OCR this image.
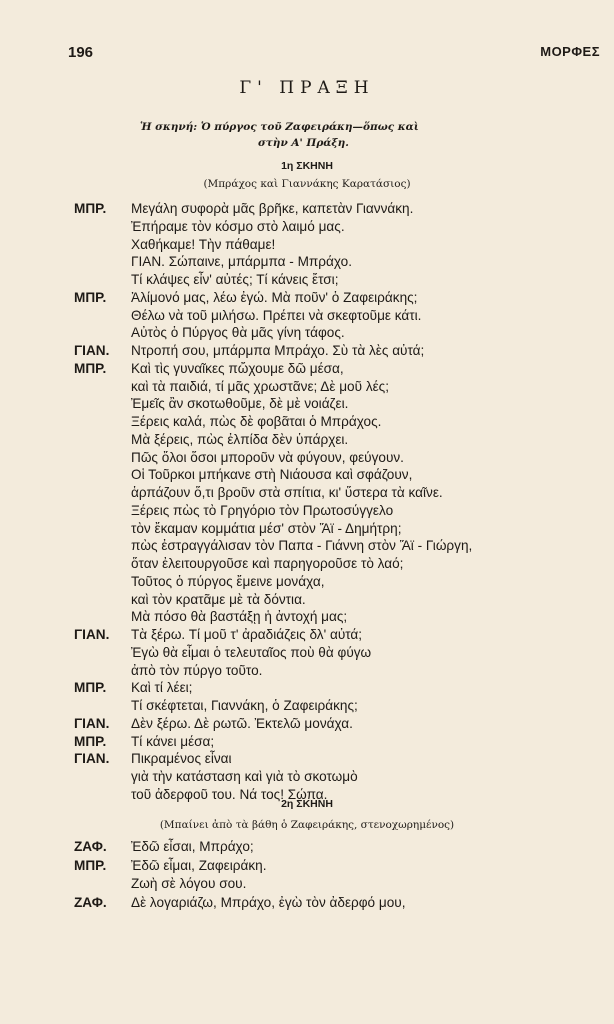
196	ΜΟΡΦΕΣ
Γ' ΠΡΑΞΗ
Ἡ σκηνή: Ὁ πύργος τοῦ Ζαφειράκη—ὅπως καὶ
στὴν Α' Πράξη.
1η ΣΚΗΝΗ
(Μπράχος καὶ Γιαννάκης Καρατάσιος)
ΜΠΡ. Μεγάλη συφορὰ μᾶς βρῆκε, καπετὰν Γιαννάκη.
Ἐπήραμε τὸν κόσμο στὸ λαιμό μας.
Χαθήκαμε! Τὴν πάθαμε!
ΓΙΑΝ. Σώπαινε, μπάρμπα - Μπράχο.
Τί κλάψες εἶν' αὐτές; Τί κάνεις ἔτσι;
ΜΠΡ. Ἀλίμονό μας, λέω ἐγώ. Μὰ ποῦν' ὁ Ζαφειράκης;
Θέλω νὰ τοῦ μιλήσω. Πρέπει νὰ σκεφτοῦμε κάτι.
Αὐτὸς ὁ Πύργος θὰ μᾶς γίνη τάφος.
ΓΙΑΝ. Ντροπή σου, μπάρμπα Μπράχο. Σὺ τὰ λὲς αὐτά;
ΜΠΡ. Καὶ τὶς γυναῖκες πὤχουμε δῶ μέσα,
καὶ τὰ παιδιά, τί μᾶς χρωστᾶνε; Δὲ μοῦ λές;
Ἐμεῖς ἂν σκοτωθοῦμε, δὲ μὲ νοιάζει.
Ξέρεις καλά, πὼς δὲ φοβᾶται ὁ Μπράχος.
Μὰ ξέρεις, πὼς ἐλπίδα δὲν ὑπάρχει.
Πῶς ὅλοι ὅσοι μποροῦν νὰ φύγουν, φεύγουν.
Οἱ Τοῦρκοι μπήκανε στὴ Νιάουσα καὶ σφάζουν,
ἁρπάζουν ὅ,τι βροῦν στὰ σπίτια, κι' ὕστερα τὰ καῖνε.
Ξέρεις πὼς τὸ Γρηγόριο τὸν Πρωτοσύγγελο
τὸν ἔκαμαν κομμάτια μέσ' στὸν Ἅϊ - Δημήτρη;
πὼς ἐστραγγάλισαν τὸν Παπα - Γιάννη στὸν Ἅϊ - Γιώργη,
ὅταν ἐλειτουργοῦσε καὶ παρηγοροῦσε τὸ λαό;
Τοῦτος ὁ πύργος ἔμεινε μονάχα,
καὶ τὸν κρατᾶμε μὲ τὰ δόντια.
Μὰ πόσο θὰ βαστάξῃ ἡ ἀντοχή μας;
ΓΙΑΝ. Τὰ ξέρω. Τί μοῦ τ' ἀραδιάζεις δλ' αὐτά;
Ἐγὼ θὰ εἶμαι ὁ τελευταῖος ποὺ θὰ φύγω
ἀπὸ τὸν πύργο τοῦτο.
ΜΠΡ. Καὶ τί λέει;
Τί σκέφτεται, Γιαννάκη, ὁ Ζαφειράκης;
ΓΙΑΝ. Δὲν ξέρω. Δὲ ρωτῶ. Ἐκτελῶ μονάχα.
ΜΠΡ. Τί κάνει μέσα;
ΓΙΑΝ. Πικραμένος εἶναι
γιὰ τὴν κατάσταση καὶ γιὰ τὸ σκοτωμὸ
τοῦ ἀδερφοῦ του. Νά τος! Σώπα.
2η ΣΚΗΝΗ
(Μπαίνει ἀπὸ τὰ βάθη ὁ Ζαφειράκης, στενοχωρημένος)
ΖΑΦ. Ἐδῶ εἶσαι, Μπράχο;
ΜΠΡ. Ἐδῶ εἶμαι, Ζαφειράκη.
Ζωὴ σὲ λόγου σου.
ΖΑΦ. Δὲ λογαριάζω, Μπράχο, ἐγὼ τὸν ἀδερφό μου,
